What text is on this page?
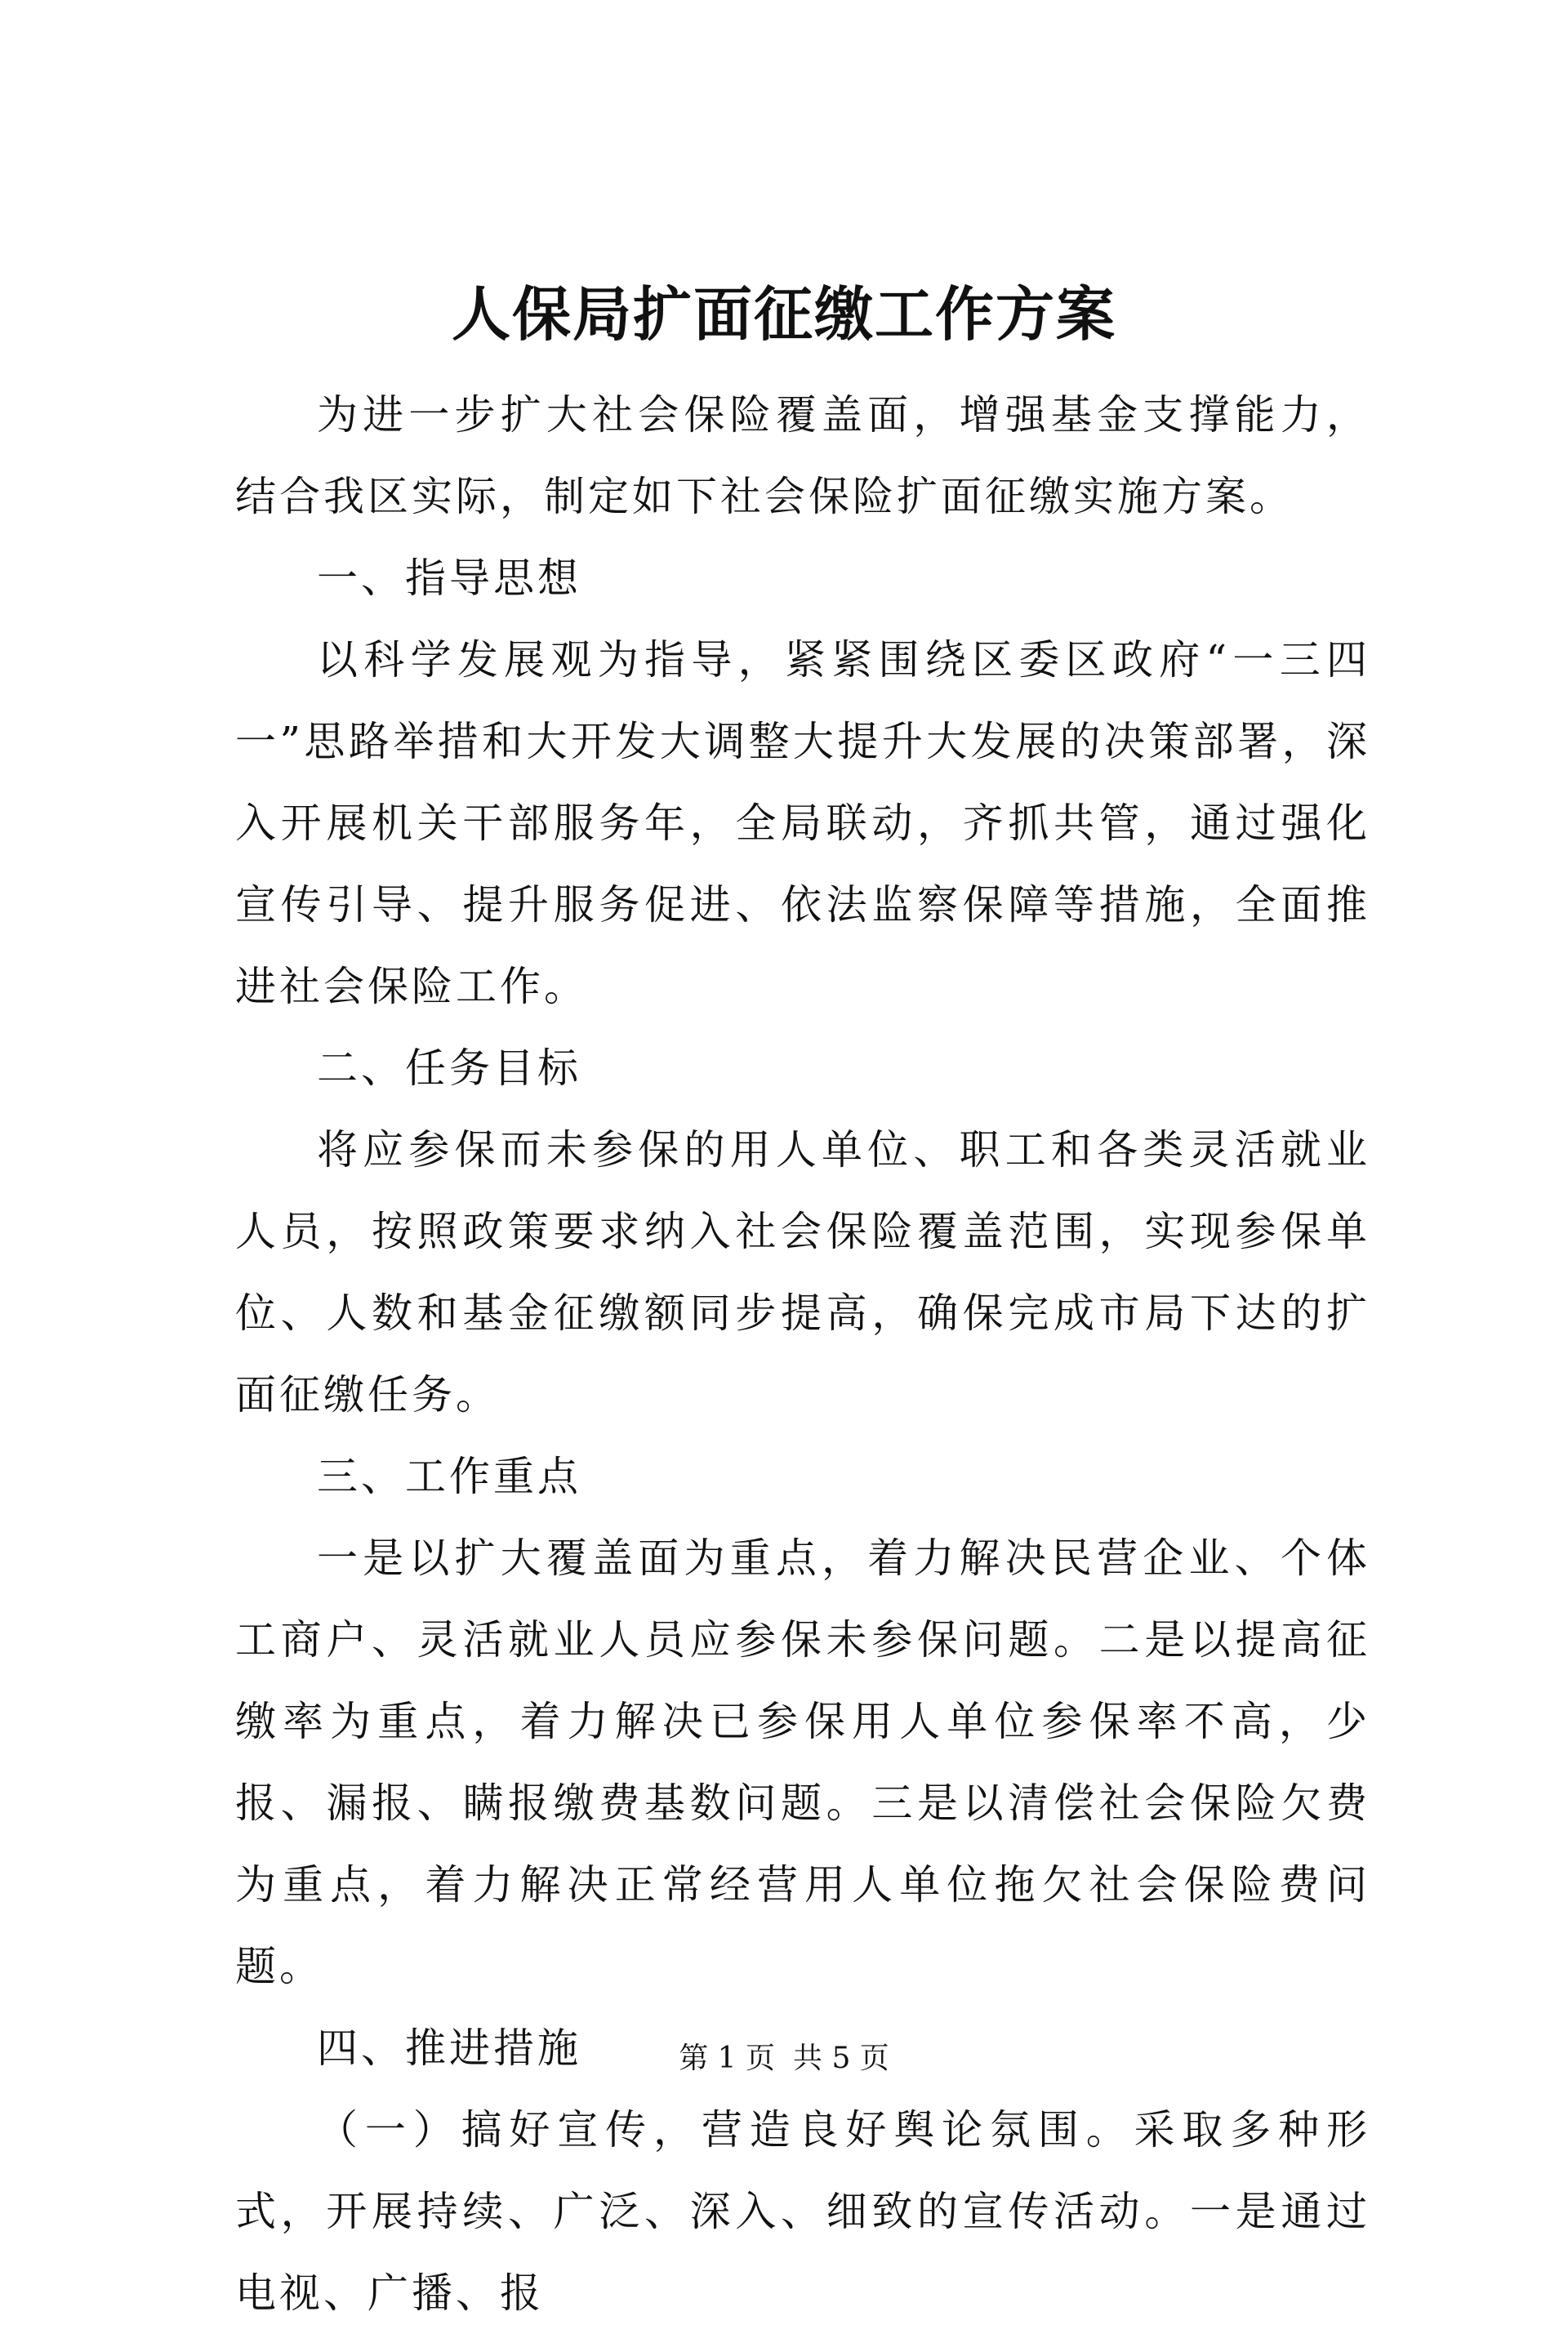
人保局扩面征缴工作方案

为进一步扩大社会保险覆盖面，增强基金支撑能力，结合我区实际，制定如下社会保险扩面征缴实施方案。

一、指导思想

以科学发展观为指导，紧紧围绕区委区政府“一三四一”思路举措和大开发大调整大提升大发展的决策部署，深入开展机关干部服务年，全局联动，齐抓共管，通过强化宣传引导、提升服务促进、依法监察保障等措施，全面推进社会保险工作。

二、任务目标

将应参保而未参保的用人单位、职工和各类灵活就业人员，按照政策要求纳入社会保险覆盖范围，实现参保单位、人数和基金征缴额同步提高，确保完成市局下达的扩面征缴任务。

三、工作重点

一是以扩大覆盖面为重点，着力解决民营企业、个体工商户、灵活就业人员应参保未参保问题。二是以提高征缴率为重点，着力解决已参保用人单位参保率不高，少报、漏报、瞒报缴费基数问题。三是以清偿社会保险欠费为重点，着力解决正常经营用人单位拖欠社会保险费问题。

四、推进措施

（一）搞好宣传，营造良好舆论氛围。采取多种形式，开展持续、广泛、深入、细致的宣传活动。一是通过电视、广播、报

第 1 页 共 5 页
